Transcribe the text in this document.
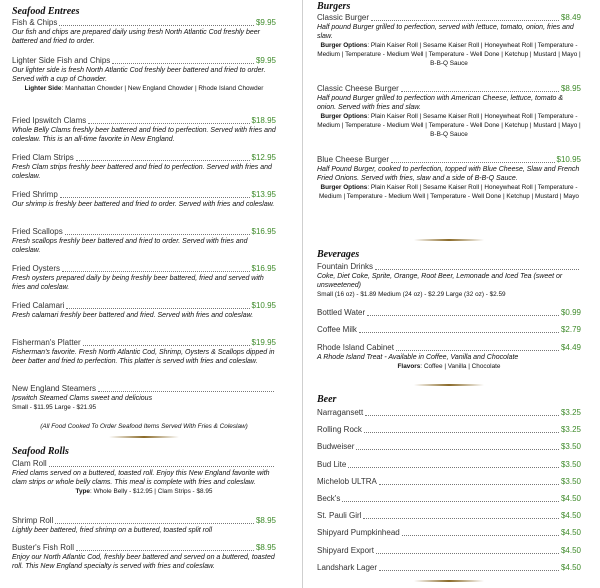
Seafood Entrees

Fish & Chips	$9.95

Our fish and chips are prepared daily using fresh North Atlantic Cod freshly beer battered and fried to order.

Lighter Side Fish and Chips	$9.95

Our lighter side is fresh North Atlantic Cod freshly beer battered and fried to order. Served with a cup of Chowder.

Lighter Side: Manhattan Chowder | New England Chowder | Rhode Island Chowder

Fried Ipswitch Clams	$18.95

Whole Belly Clams freshly beer battered and fried to perfection. Served with fries and coleslaw. This is an all-time favorite in New England.

Fried Clam Strips	$12.95

Fresh Clam strips freshly beer battered and fried to perfection. Served with fries and coleslaw.

Fried Shrimp	$13.95

Our shrimp is freshly beer battered and fried to order. Served with fries and coleslaw.

Fried Scallops	$16.95

Fresh scallops freshly beer battered and fried to order. Served with fries and coleslaw.

Fried Oysters	$16.95

Fresh oysters prepared daily by being freshly beer battered, fried and served with fries and coleslaw.

Fried Calamari	$10.95

Fresh calamari freshly beer battered and fried. Served with fries and coleslaw.

Fisherman's Platter	$19.95

Fisherman's favorite. Fresh North Atlantic Cod, Shrimp, Oysters & Scallops dipped in beer batter and fried to perfection. This platter is served with fries and coleslaw.

New England Steamers

Ipswitch Steamed Clams sweet and delicious

Small - $11.95 Large - $21.95

(All Food Cooked To Order Seafood Items Served With Fries & Coleslaw)

Seafood Rolls

Clam Roll

Fried clams served on a buttered, toasted roll. Enjoy this New England favorite with clam strips or whole belly clams. This meal is complete with fries and coleslaw.

Type: Whole Belly - $12.95 | Clam Strips - $8.95

Shrimp Roll	$8.95

Lightly beer battered, fried shrimp on a buttered, toasted split roll

Buster's Fish Roll	$8.95

Enjoy our North Atlantic Cod, freshly beer battered and served on a buttered, toasted roll. This New England specialty is served with fries and coleslaw.

Burgers

Classic Burger	$8.49

Half pound Burger grilled to perfection, served with lettuce, tomato, onion, fries and slaw.

Burger Options: Plain Kaiser Roll | Sesame Kaiser Roll | Honeywheat Roll | Temperature - Medium | Temperature - Medium Well | Temperature - Well Done | Ketchup | Mustard | Mayo | B-B-Q Sauce

Classic Cheese Burger	$8.95

Half pound Burger grilled to perfection with American Cheese, lettuce, tomato & onion. Served with fries and slaw.

Burger Options: Plain Kaiser Roll | Sesame Kaiser Roll | Honeywheat Roll | Temperature - Medium | Temperature - Medium Well | Temperature - Well Done | Ketchup | Mustard | Mayo | B-B-Q Sauce

Blue Cheese Burger	$10.95

Half Pound Burger, cooked to perfection, topped with Blue Cheese, Slaw and French Fried Onions. Served with fries, slaw and a side of B-B-Q Sauce.

Burger Options: Plain Kaiser Roll | Sesame Kaiser Roll | Honeywheat Roll | Temperature - Medium | Temperature - Medium Well | Temperature - Well Done | Ketchup | Mustard | Mayo

Beverages

Fountain Drinks

Coke, Diet Coke, Sprite, Orange, Root Beer, Lemonade and Iced Tea (sweet or unsweetened)

Small (16 oz) - $1.89 Medium (24 oz) - $2.29 Large (32 oz) - $2.59

Bottled Water	$0.99
Coffee Milk	$2.79
Rhode Island Cabinet	$4.49

A Rhode Island Treat - Available in Coffee, Vanilla and Chocolate

Flavors: Coffee | Vanilla | Chocolate

Beer

Narragansett	$3.25
Rolling Rock	$3.25
Budweiser	$3.50
Bud Lite	$3.50
Michelob ULTRA	$3.50
Beck's	$4.50
St. Pauli Girl	$4.50
Shipyard Pumpkinhead	$4.50
Shipyard Export	$4.50
Landshark Lager	$4.50
